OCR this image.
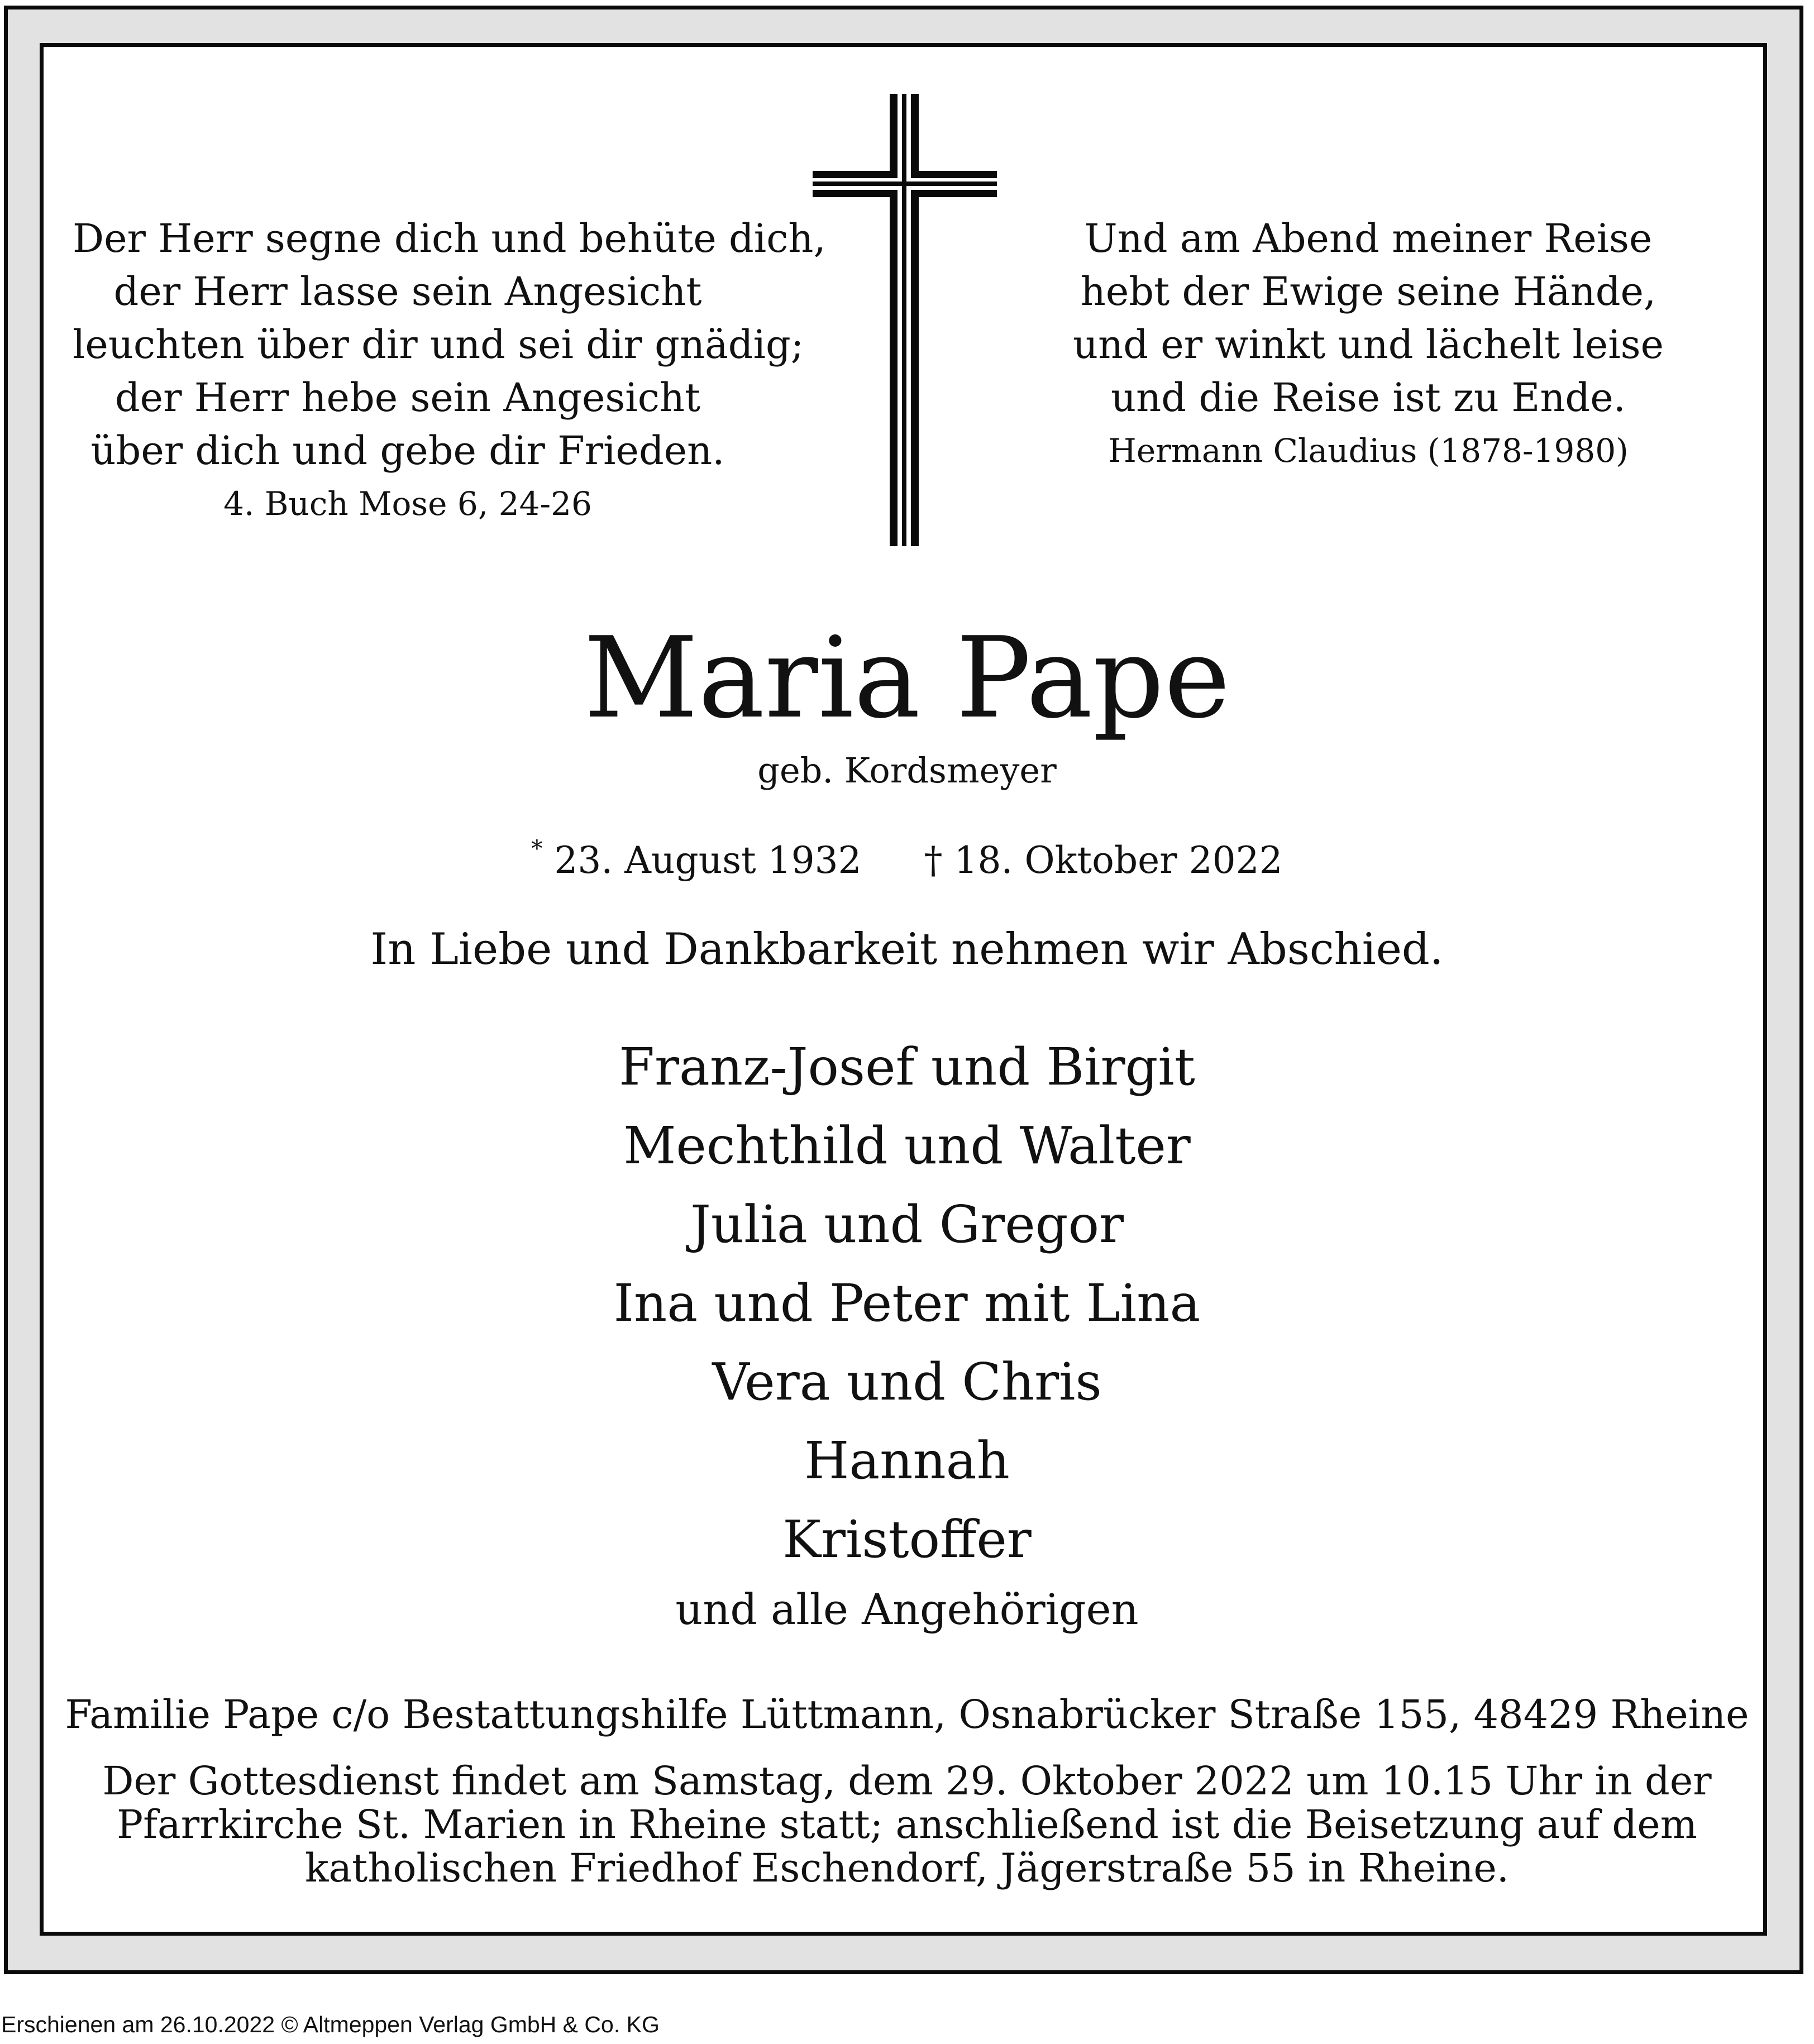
Der Herr segne dich und behüte dich,
der Herr lasse sein Angesicht
leuchten über dir und sei dir gnädig;
der Herr hebe sein Angesicht
über dich und gebe dir Frieden.
4. Buch Mose 6, 24-26
Und am Abend meiner Reise
hebt der Ewige seine Hände,
und er winkt und lächelt leise
und die Reise ist zu Ende.
Hermann Claudius (1878-1980)
Maria Pape
geb. Kordsmeyer
* 23. August 1932 † 18. Oktober 2022
In Liebe und Dankbarkeit nehmen wir Abschied.
Franz-Josef und Birgit
Mechthild und Walter
Julia und Gregor
Ina und Peter mit Lina
Vera und Chris
Hannah
Kristoffer
und alle Angehörigen
Familie Pape c/o Bestattungshilfe Lüttmann, Osnabrücker Straße 155, 48429 Rheine
Der Gottesdienst findet am Samstag, dem 29. Oktober 2022 um 10.15 Uhr in der
Pfarrkirche St. Marien in Rheine statt; anschließend ist die Beisetzung auf dem
katholischen Friedhof Eschendorf, Jägerstraße 55 in Rheine.
Erschienen am 26.10.2022 © Altmeppen Verlag GmbH & Co. KG
